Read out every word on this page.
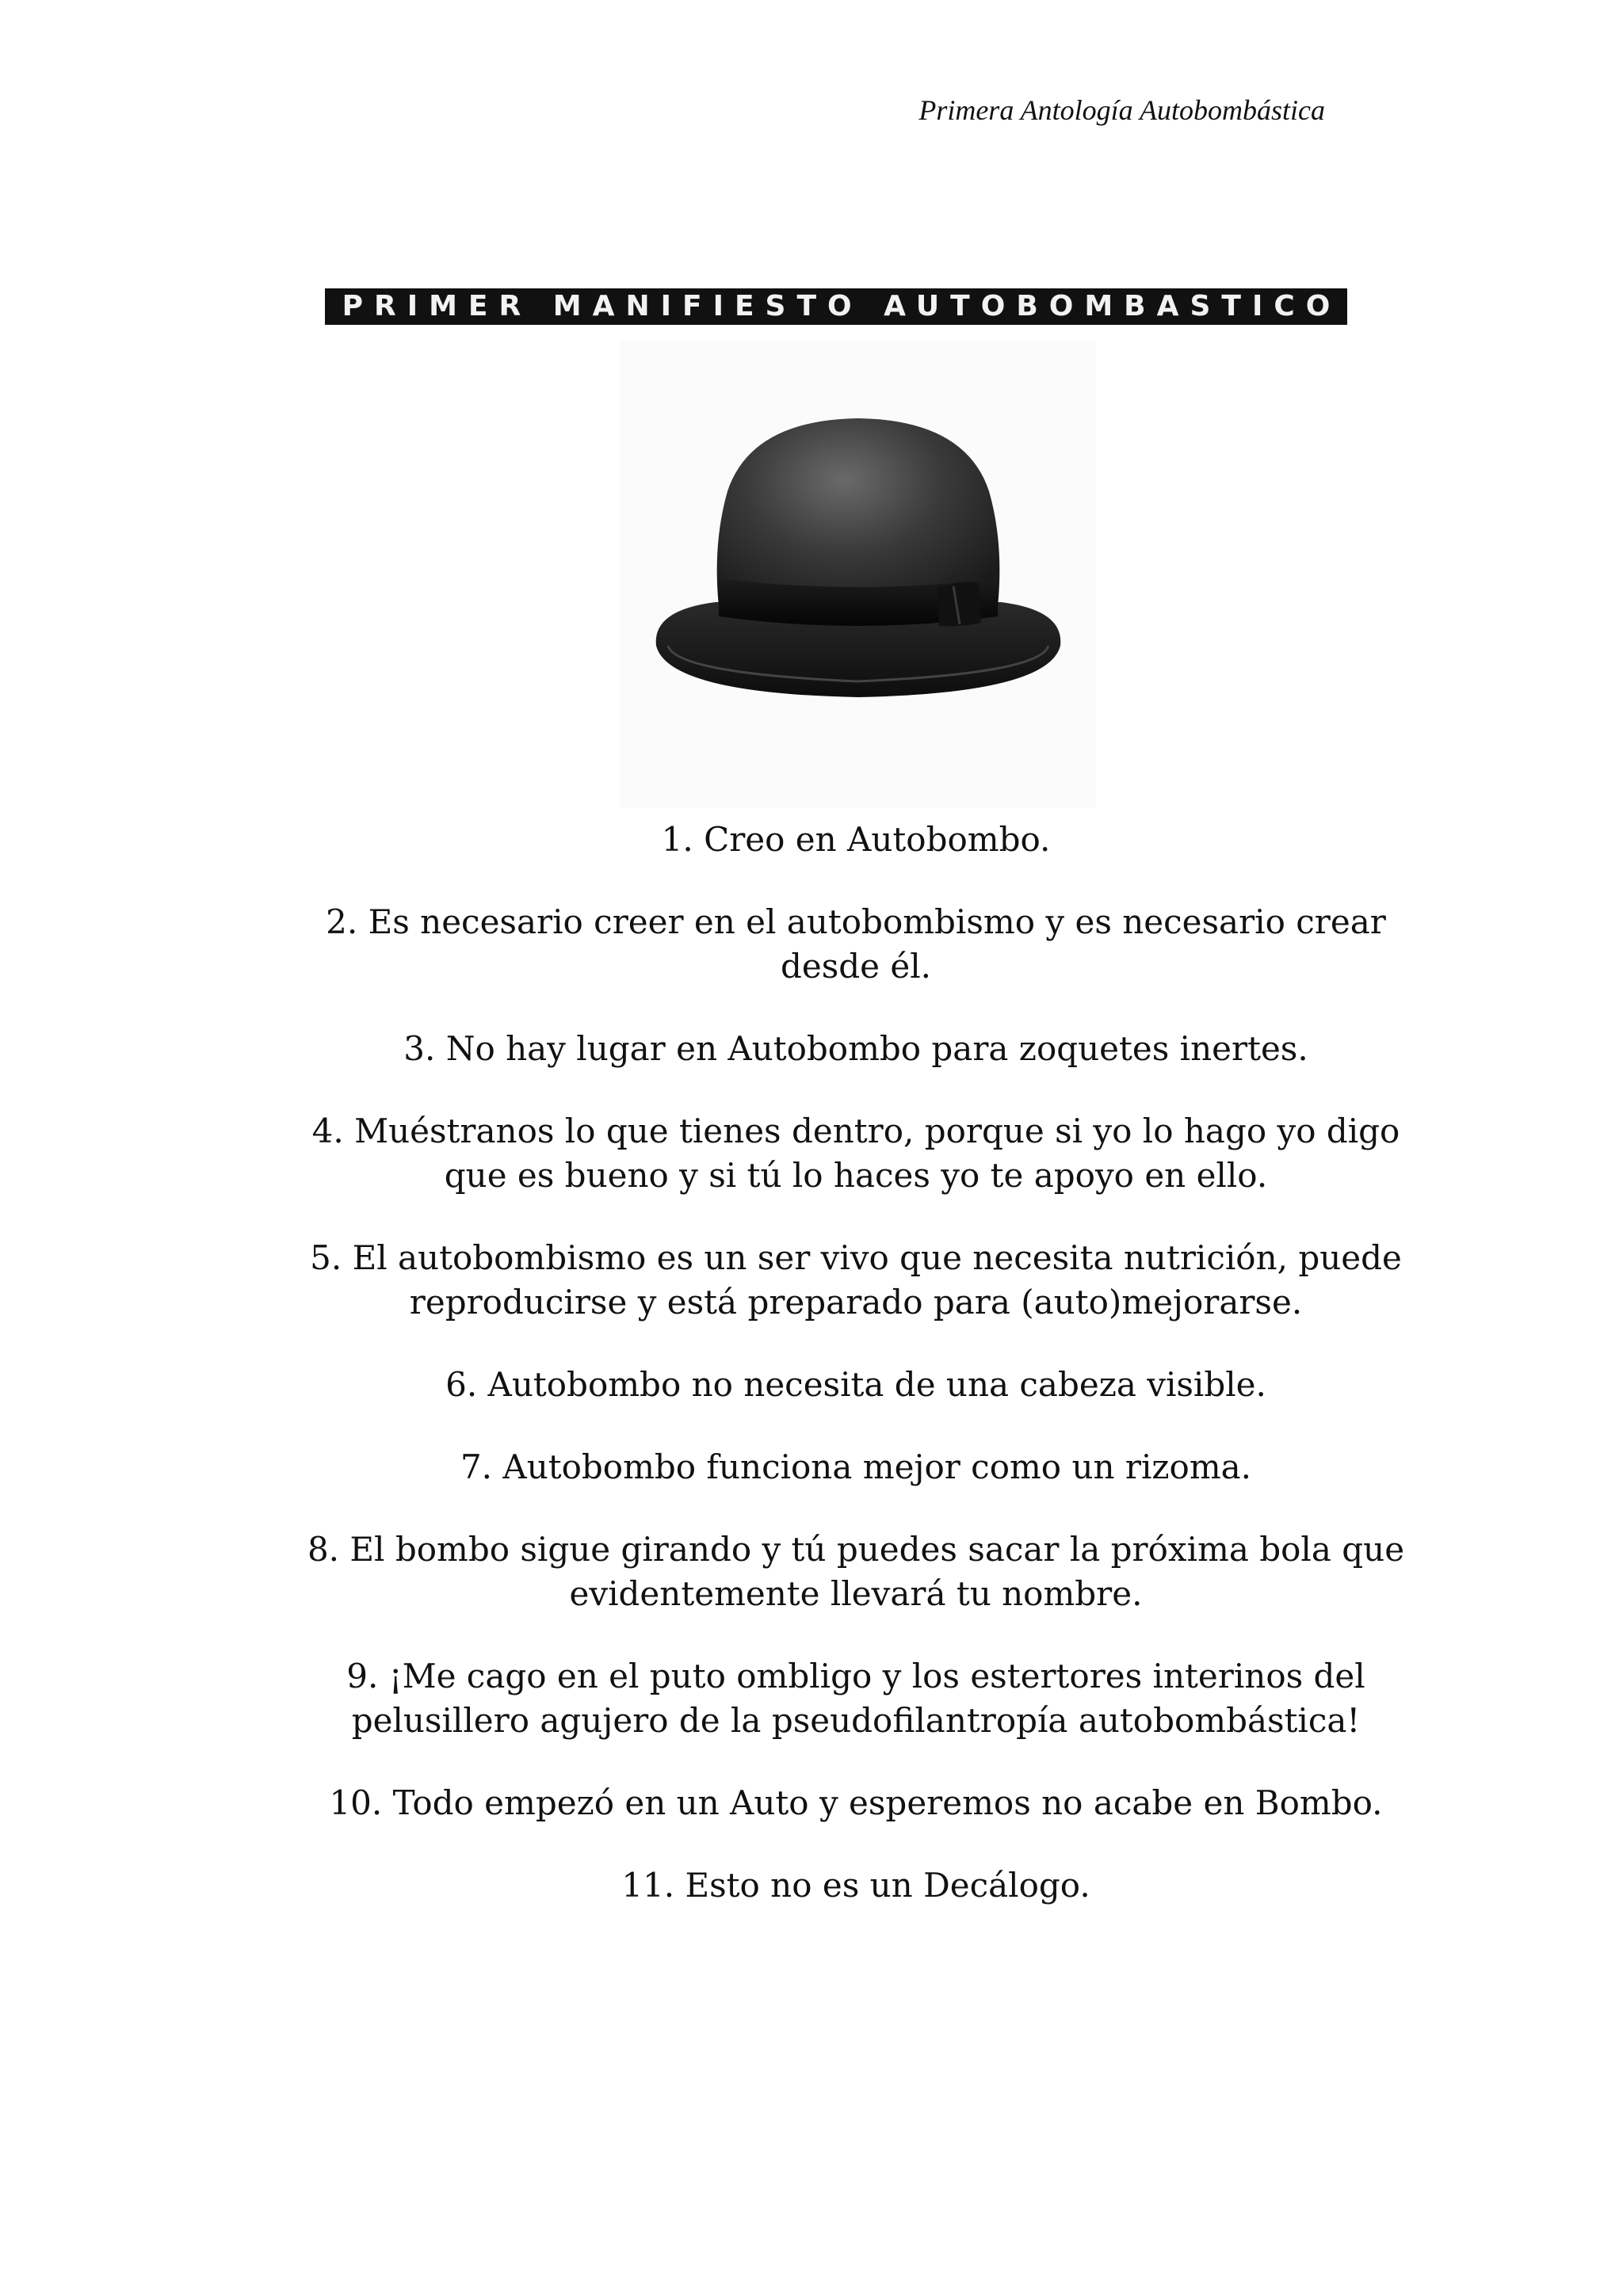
Primera Antología Autobombástica
PRIMER MANIFIESTO AUTOBOMBASTICO

1. Creo en Autobombo.

2. Es necesario creer en el autobombismo y es necesario crear desde él.

3. No hay lugar en Autobombo para zoquetes inertes.

4. Muéstranos lo que tienes dentro, porque si yo lo hago yo digo que es bueno y si tú lo haces yo te apoyo en ello.

5. El autobombismo es un ser vivo que necesita nutrición, puede reproducirse y está preparado para (auto)mejorarse.

6. Autobombo no necesita de una cabeza visible.

7. Autobombo funciona mejor como un rizoma.

8. El bombo sigue girando y tú puedes sacar la próxima bola que evidentemente llevará tu nombre.

9. ¡Me cago en el puto ombligo y los estertores interinos del pelusillero agujero de la pseudofilantropía autobombástica!

10. Todo empezó en un Auto y esperemos no acabe en Bombo.

11. Esto no es un Decálogo.
